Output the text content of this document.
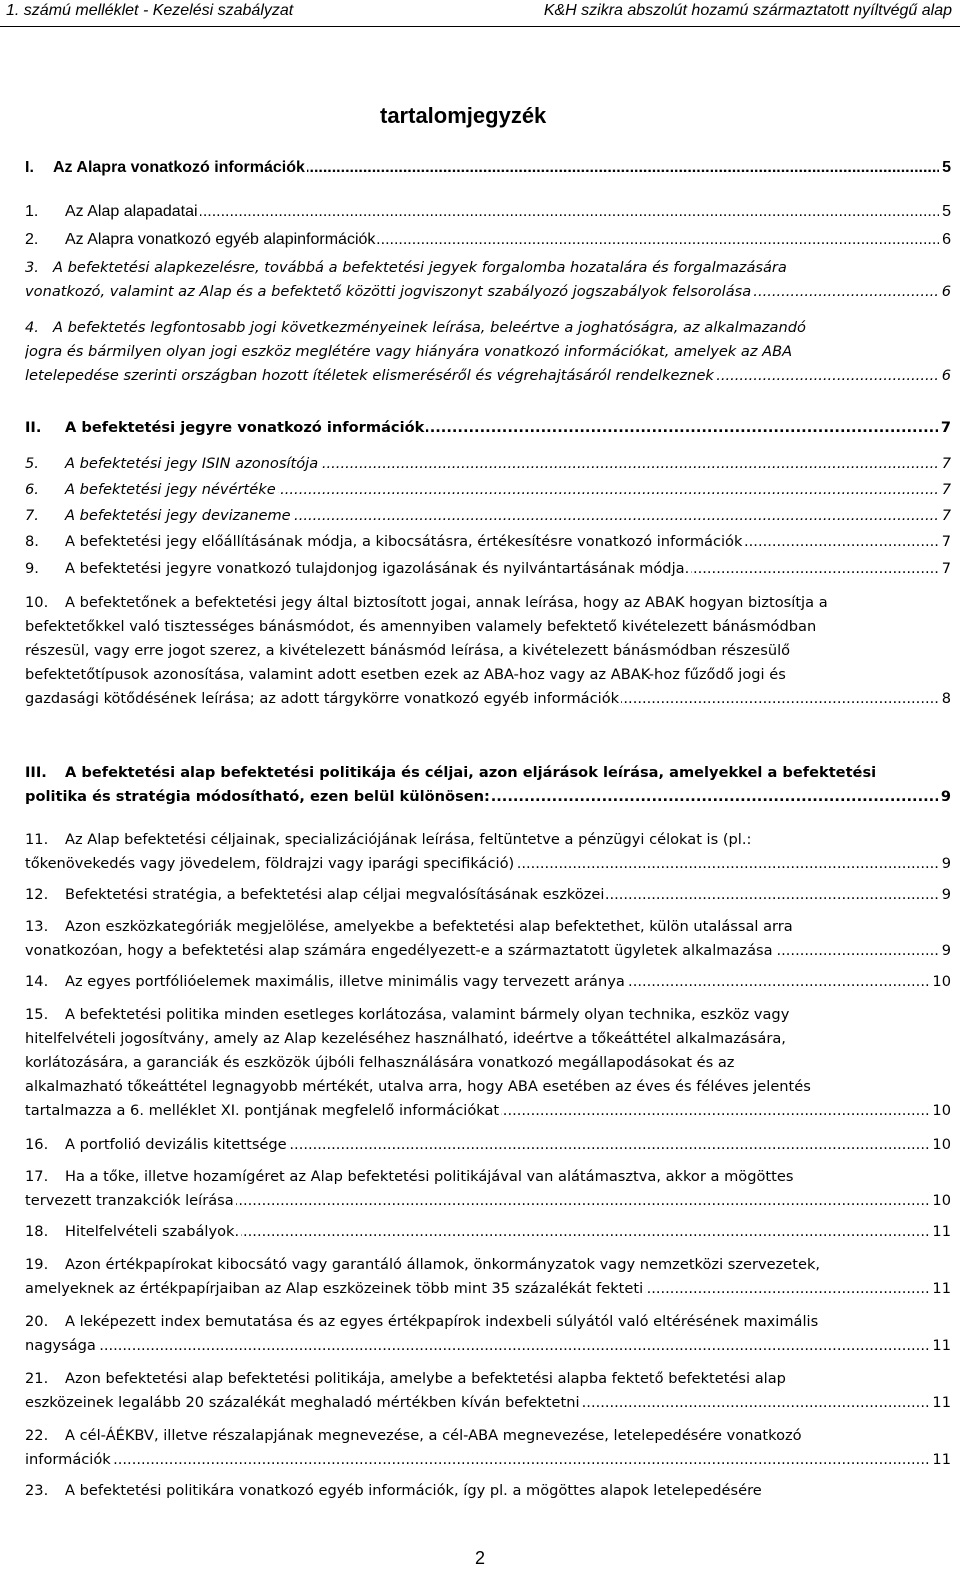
1. számú melléklet - Kezelési szabályzat	K&H szikra abszolút hozamú származtatott nyíltvégű alap
tartalomjegyzék
I. Az Alapra vonatkozó információk	5
.....
1. Az Alap alapadatai	5
.....
2. Az Alapra vonatkozó egyéb alapinformációk	6
.....
3. A befektetési alapkezelésre, továbbá a befektetési jegyek forgalomba hozatalára és forgalmazására
vonatkozó, valamint az Alap és a befektető közötti jogviszonyt szabályozó jogszabályok felsorolása	6
.....
4. A befektetés legfontosabb jogi következményeinek leírása, beleértve a joghatóságra, az alkalmazandó
jogra és bármilyen olyan jogi eszköz meglétére vagy hiányára vonatkozó információkat, amelyek az ABA
letelepedése szerinti országban hozott ítéletek elismeréséről és végrehajtásáról rendelkeznek	6
.....
II. A befektetési jegyre vonatkozó információk	7
.....
5. A befektetési jegy ISIN azonosítója	7
.....
6. A befektetési jegy névértéke	7
.....
7. A befektetési jegy devizaneme	7
.....
8. A befektetési jegy előállításának módja, a kibocsátásra, értékesítésre vonatkozó információk	7
.....
9. A befektetési jegyre vonatkozó tulajdonjog igazolásának és nyilvántartásának módja.	7
.....
10. A befektetőnek a befektetési jegy által biztosított jogai, annak leírása, hogy az ABAK hogyan biztosítja a
befektetőkkel való tisztességes bánásmódot, és amennyiben valamely befektető kivételezett bánásmódban
részesül, vagy erre jogot szerez, a kivételezett bánásmód leírása, a kivételezett bánásmódban részesülő
befektetőtípusok azonosítása, valamint adott esetben ezek az ABA-hoz vagy az ABAK-hoz fűződő jogi és
gazdasági kötődésének leírása; az adott tárgykörre vonatkozó egyéb információk	8
.....
III. A befektetési alap befektetési politikája és céljai, azon eljárások leírása, amelyekkel a befektetési
politika és stratégia módosítható, ezen belül különösen:	9
.....
11. Az Alap befektetési céljainak, specializációjának leírása, feltüntetve a pénzügyi célokat is (pl.:
tőkenövekedés vagy jövedelem, földrajzi vagy iparági specifikáció)	9
.....
12. Befektetési stratégia, a befektetési alap céljai megvalósításának eszközei	9
.....
13. Azon eszközkategóriák megjelölése, amelyekbe a befektetési alap befektethet, külön utalással arra
vonatkozóan, hogy a befektetési alap számára engedélyezett-e a származtatott ügyletek alkalmazása	9
.....
14. Az egyes portfólióelemek maximális, illetve minimális vagy tervezett aránya	10
.....
15. A befektetési politika minden esetleges korlátozása, valamint bármely olyan technika, eszköz vagy
hitelfelvételi jogosítvány, amely az Alap kezeléséhez használható, ideértve a tőkeáttétel alkalmazására,
korlátozására, a garanciák és eszközök újbóli felhasználására vonatkozó megállapodásokat és az
alkalmazható tőkeáttétel legnagyobb mértékét, utalva arra, hogy ABA esetében az éves és féléves jelentés
tartalmazza a 6. melléklet XI. pontjának megfelelő információkat	10
.....
16. A portfolió devizális kitettsége	10
.....
17. Ha a tőke, illetve hozamígéret az Alap befektetési politikájával van alátámasztva, akkor a mögöttes
tervezett tranzakciók leírása	10
.....
18. Hitelfelvételi szabályok.	11
.....
19. Azon értékpapírokat kibocsátó vagy garantáló államok, önkormányzatok vagy nemzetközi szervezetek,
amelyeknek az értékpapírjaiban az Alap eszközeinek több mint 35 százalékát fekteti	11
.....
20. A leképezett index bemutatása és az egyes értékpapírok indexbeli súlyától való eltérésének maximális
nagysága	11
.....
21. Azon befektetési alap befektetési politikája, amelybe a befektetési alapba fektető befektetési alap
eszközeinek legalább 20 százalékát meghaladó mértékben kíván befektetni	11
.....
22. A cél-ÁÉKBV, illetve részalapjának megnevezése, a cél-ABA megnevezése, letelepedésére vonatkozó
információk	11
.....
23. A befektetési politikára vonatkozó egyéb információk, így pl. a mögöttes alapok letelepedésére
2
